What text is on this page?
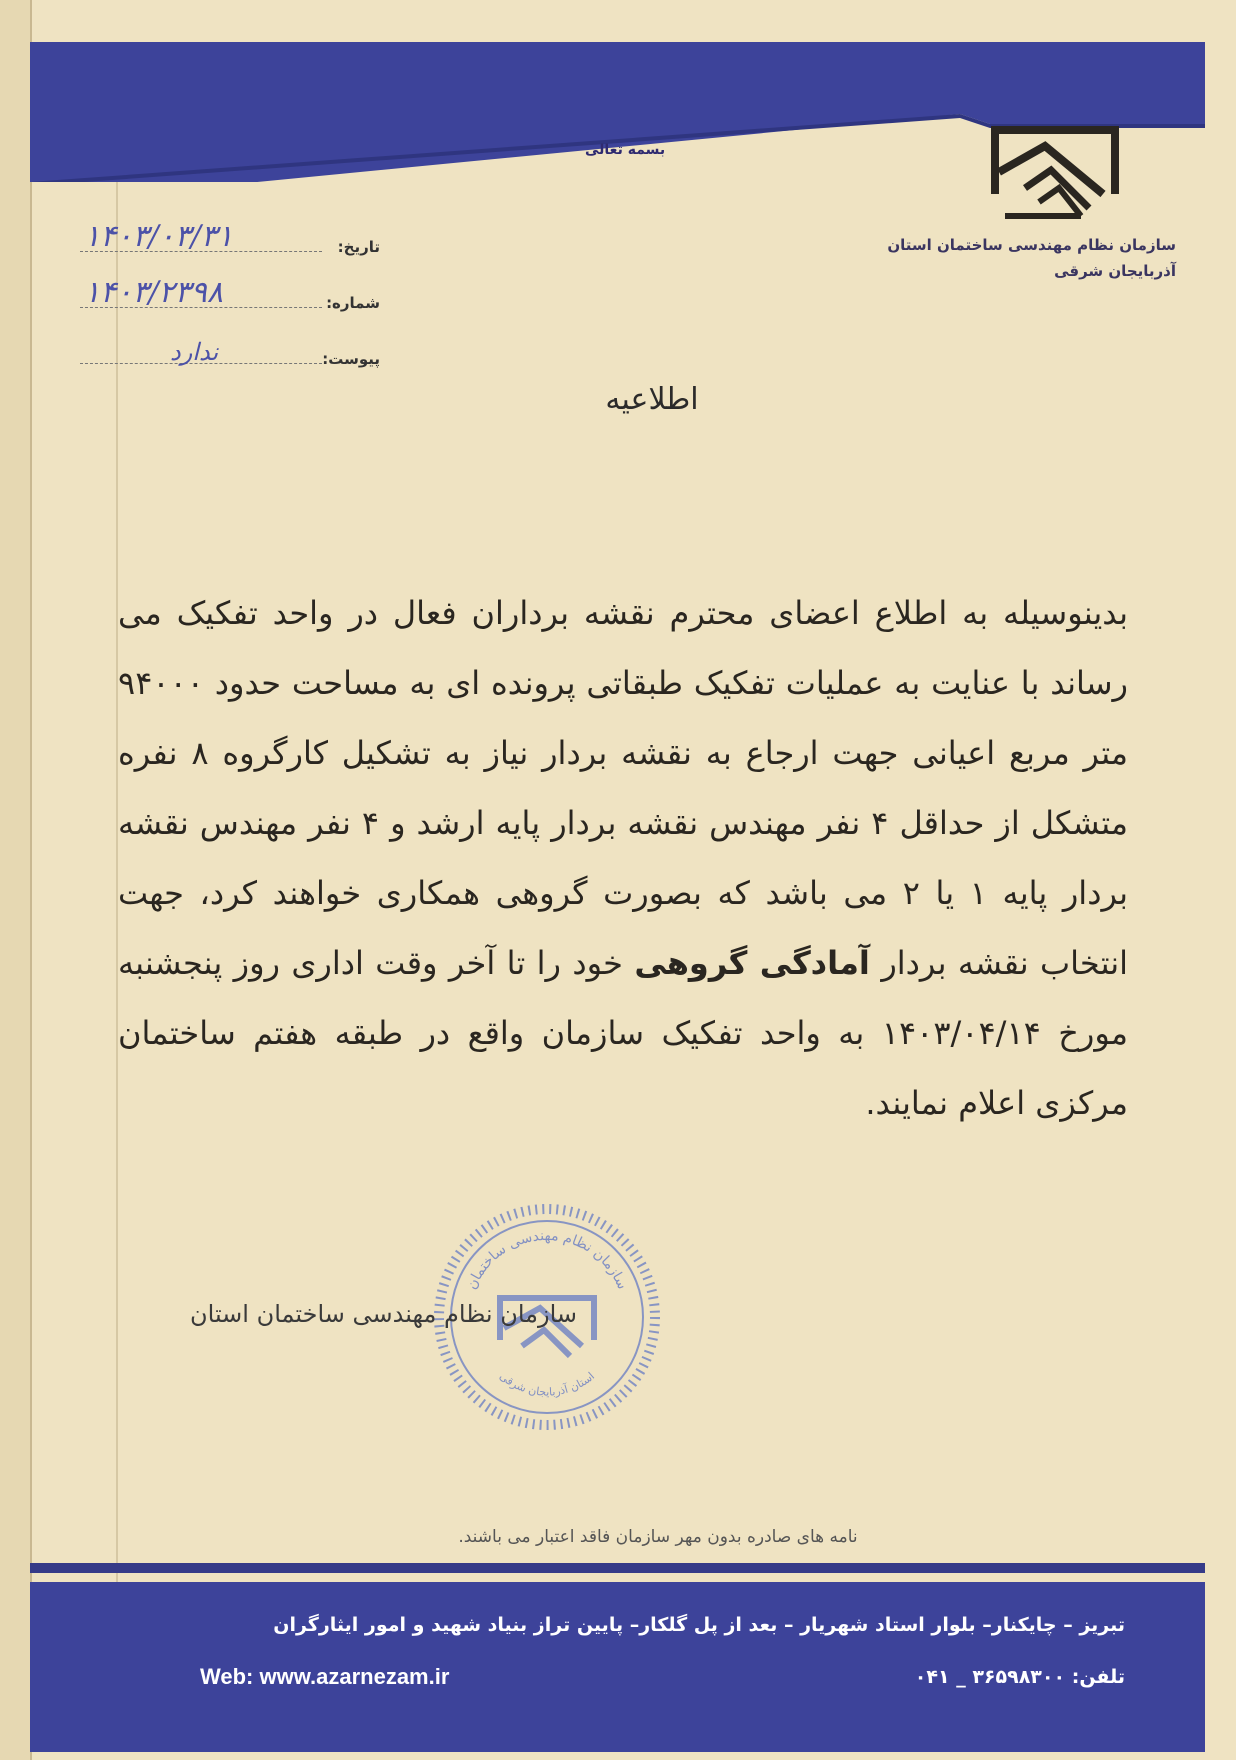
بسمه تعالی
سازمان نظام مهندسی ساختمان استان
آذربایجان شرقی
تاریخ:
۱۴۰۳/۰۳/۳۱
شماره:
۱۴۰۳/۲۳۹۸
پیوست:
ندارد
اطلاعیه
بدینوسیله به اطلاع اعضای محترم نقشه برداران فعال در واحد تفکیک می رساند با عنایت به عملیات تفکیک طبقاتی پرونده ای به مساحت حدود ۹۴۰۰۰ متر مربع اعیانی جهت ارجاع به نقشه بردار نیاز به تشکیل کارگروه ۸ نفره متشکل از حداقل ۴ نفر مهندس نقشه بردار پایه ارشد و ۴ نفر مهندس نقشه بردار پایه ۱ یا ۲ می باشد که بصورت گروهی همکاری خواهند کرد، جهت انتخاب نقشه بردار آمادگی گروهی خود را تا آخر وقت اداری روز پنجشنبه مورخ ۱۴۰۳/۰۴/۱۴ به واحد تفکیک سازمان واقع در طبقه هفتم ساختمان مرکزی اعلام نمایند.
سازمان نظام مهندسی ساختمان
استان آذربایجان شرقی
سازمان نظام مهندسی ساختمان استان
نامه های صادره بدون مهر سازمان فاقد اعتبار می باشند.
تبریز – چایکنار– بلوار استاد شهریار – بعد از پل گلکار– پایین تراز بنیاد شهید و امور ایثارگران
Web: www.azarnezam.ir	تلفن: ۳۶۵۹۸۳۰۰ _ ۰۴۱
